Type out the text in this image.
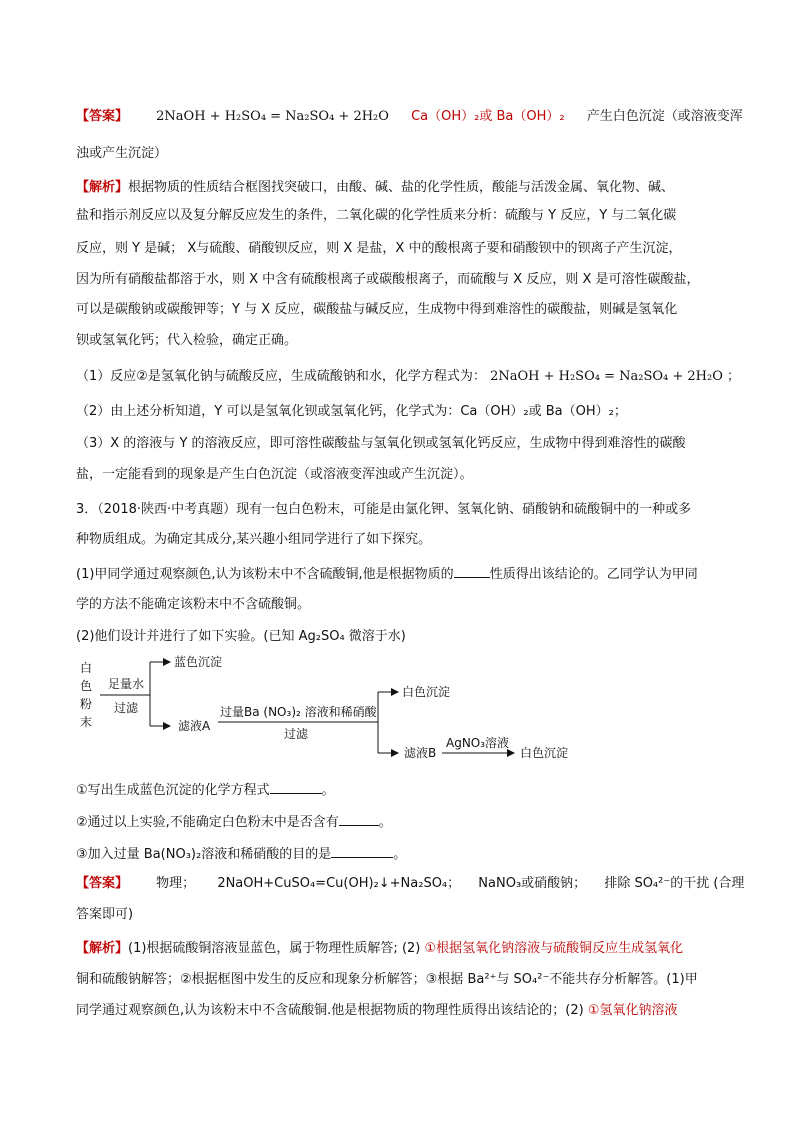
【答案】 2NaOH + H₂SO₄ = Na₂SO₄ + 2H₂O Ca（OH）₂或 Ba（OH）₂ 产生白色沉淀（或溶液变浑
浊或产生沉淀）
【解析】根据物质的性质结合框图找突破口，由酸、碱、盐的化学性质，酸能与活泼金属、氧化物、碱、
盐和指示剂反应以及复分解反应发生的条件，二氧化碳的化学性质来分析：硫酸与 Y 反应，Y 与二氧化碳
反应，则 Y 是碱； X与硫酸、硝酸钡反应，则 X 是盐，X 中的酸根离子要和硝酸钡中的钡离子产生沉淀，
因为所有硝酸盐都溶于水，则 X 中含有硫酸根离子或碳酸根离子，而硫酸与 X 反应，则 X 是可溶性碳酸盐，
可以是碳酸钠或碳酸钾等；Y 与 X 反应，碳酸盐与碱反应，生成物中得到难溶性的碳酸盐，则碱是氢氧化
钡或氢氧化钙；代入检验，确定正确。
（1）反应②是氢氧化钠与硫酸反应，生成硫酸钠和水，化学方程式为： 2NaOH + H₂SO₄ = Na₂SO₄ + 2H₂O ；
（2）由上述分析知道，Y 可以是氢氧化钡或氢氧化钙，化学式为：Ca（OH）₂或 Ba（OH）₂；
（3）X 的溶液与 Y 的溶液反应，即可溶性碳酸盐与氢氧化钡或氢氧化钙反应，生成物中得到难溶性的碳酸
盐，一定能看到的现象是产生白色沉淀（或溶液变浑浊或产生沉淀）。
3．（2018·陕西·中考真题）现有一包白色粉末，可能是由氯化钾、氢氧化钠、硝酸钠和硫酸铜中的一种或多
种物质组成。为确定其成分,某兴趣小组同学进行了如下探究。
(1)甲同学通过观察颜色,认为该粉末中不含硫酸铜,他是根据物质的	性质得出该结论的。乙同学认为甲同
学的方法不能确定该粉末中不含硫酸铜。
(2)他们设计并进行了如下实验。(已知 Ag₂SO₄ 微溶于水)
白
色
粉
末
足量水
过滤
蓝色沉淀
滤液A
过量Ba (NO₃)₂ 溶液和稀硝酸
过滤
白色沉淀
滤液B
AgNO₃溶液
白色沉淀
①写出生成蓝色沉淀的化学方程式	。
②通过以上实验,不能确定白色粉末中是否含有	。
③加入过量 Ba(NO₃)₂溶液和稀硝酸的目的是	。
【答案】 物理； 2NaOH+CuSO₄=Cu(OH)₂↓+Na₂SO₄； NaNO₃或硝酸钠； 排除 SO₄²⁻的干扰 (合理
答案即可)
【解析】(1)根据硫酸铜溶液显蓝色，属于物理性质解答; (2) ①根据氢氧化钠溶液与硫酸铜反应生成氢氧化
铜和硫酸钠解答；②根据框图中发生的反应和现象分析解答；③根据 Ba²⁺与 SO₄²⁻不能共存分析解答。(1)甲
同学通过观察颜色,认为该粉末中不含硫酸铜.他是根据物质的物理性质得出该结论的；(2) ①氢氧化钠溶液
